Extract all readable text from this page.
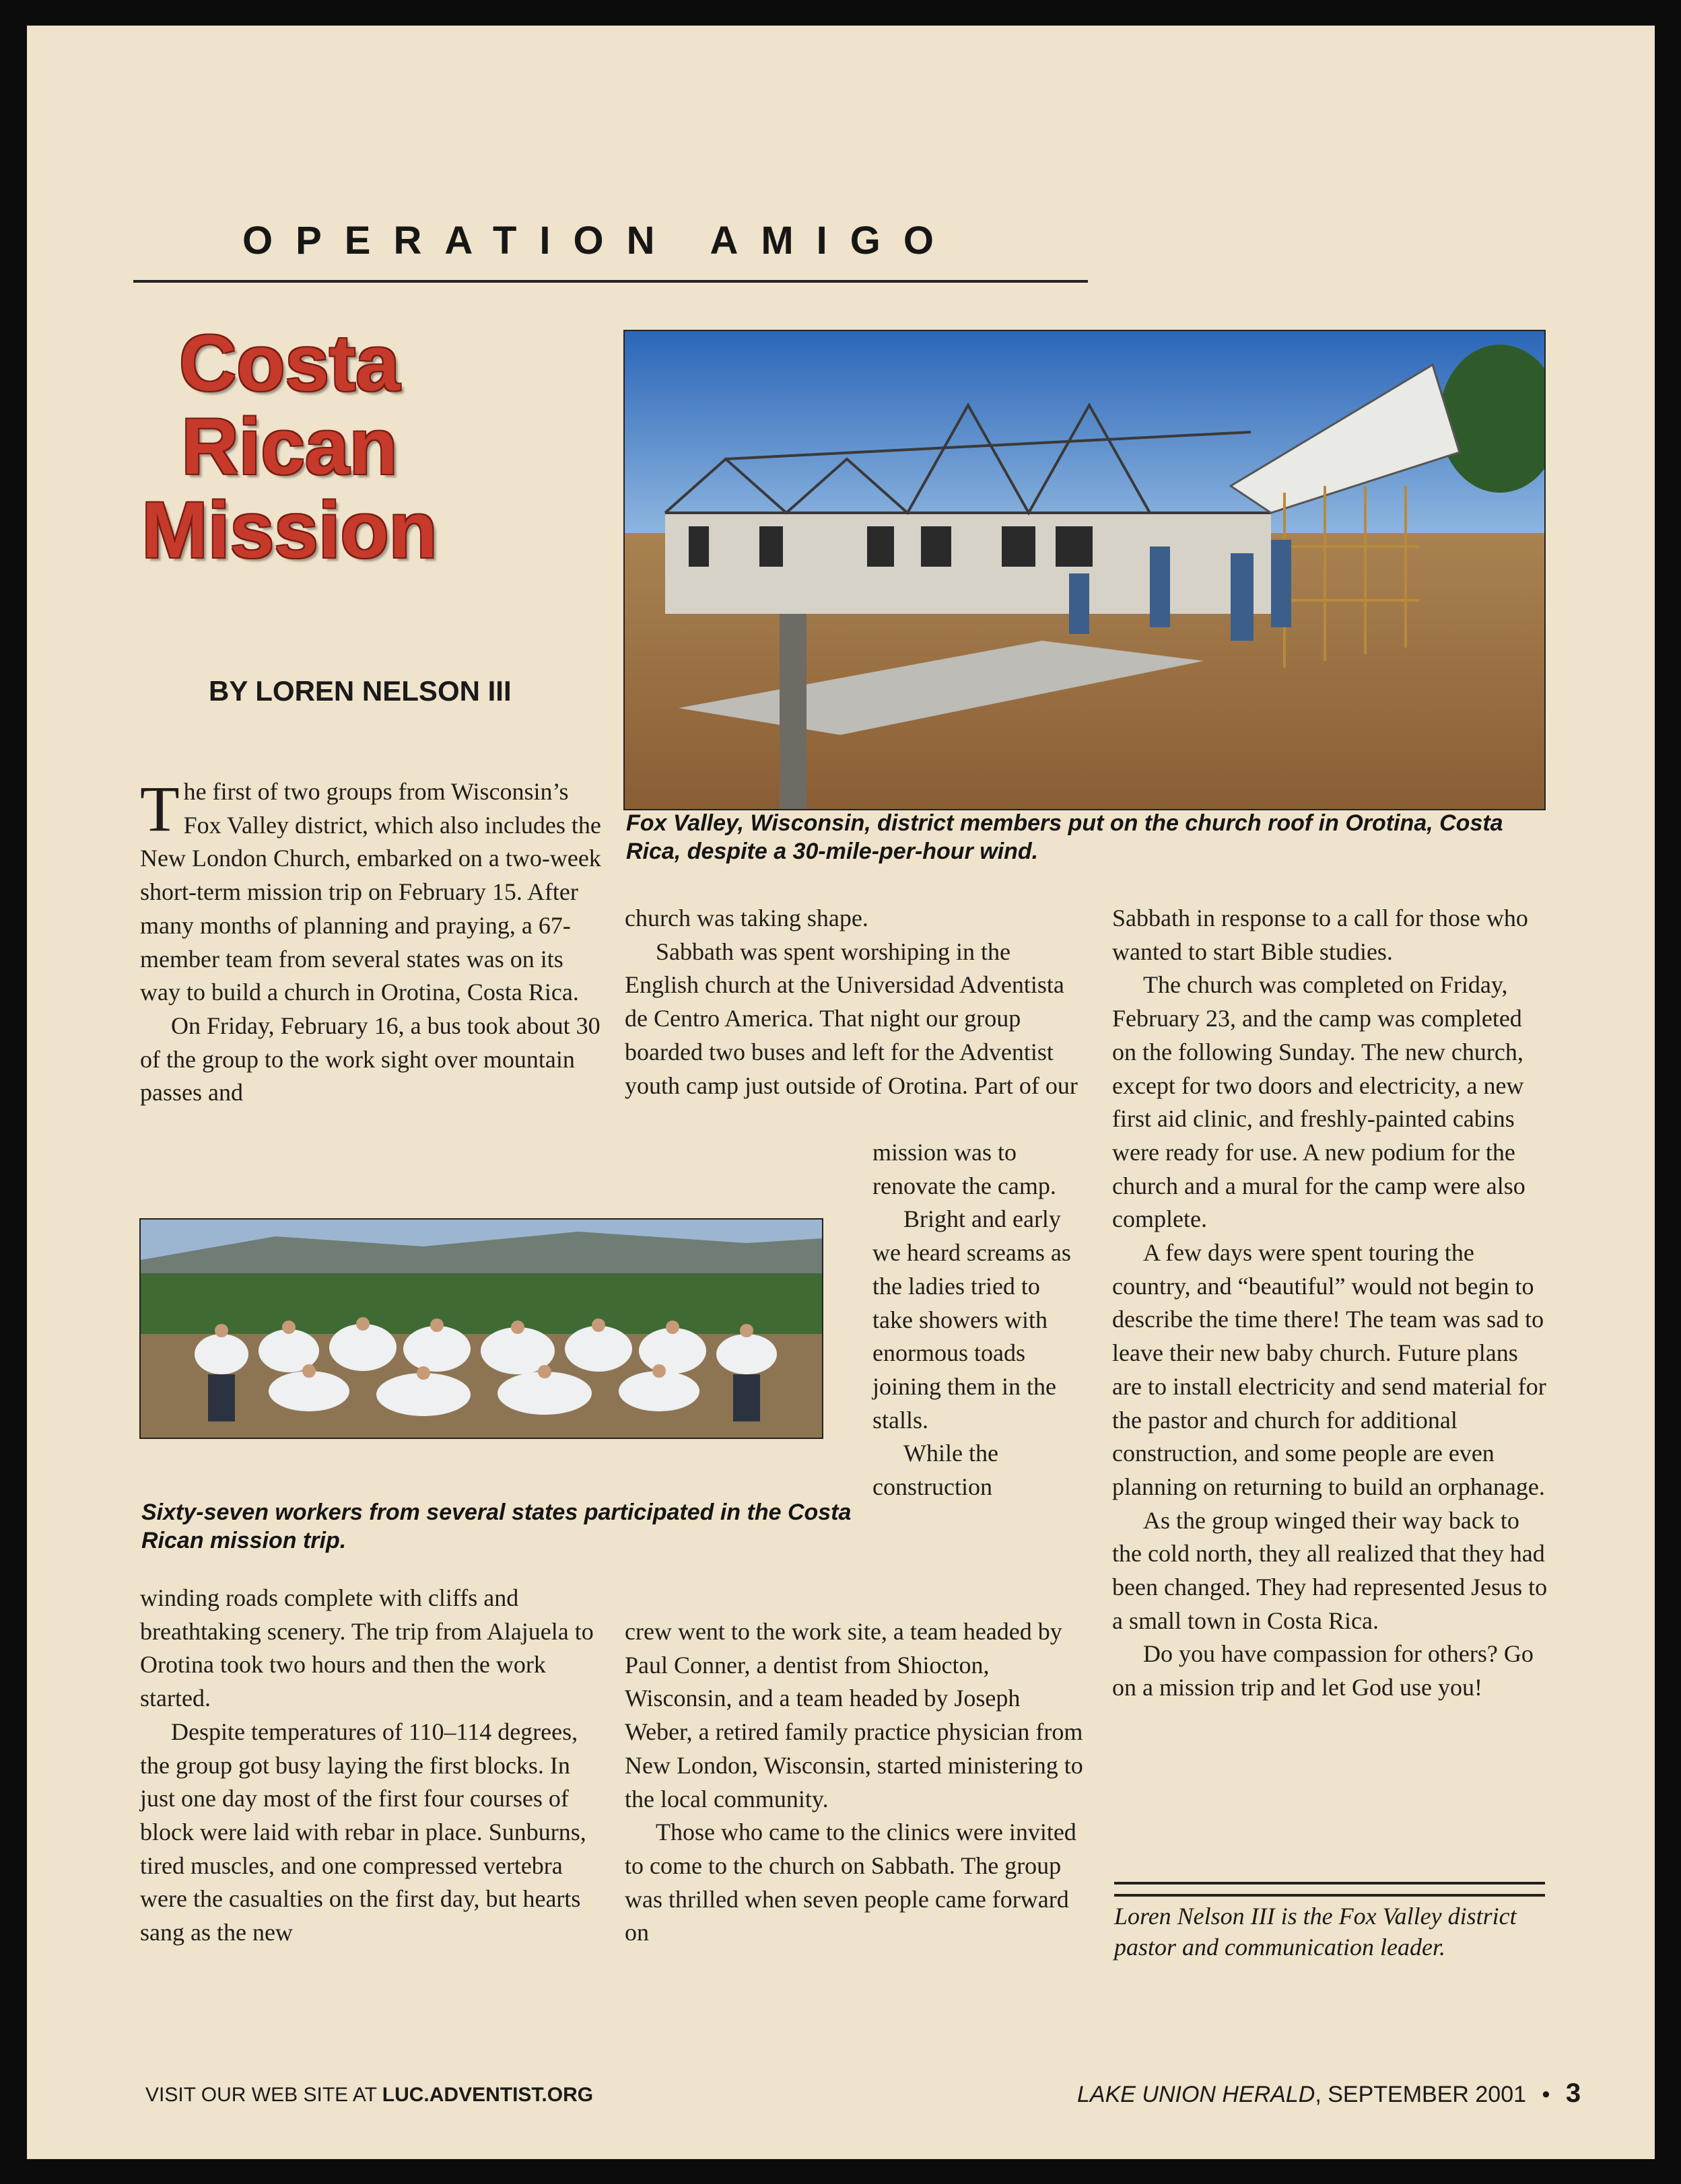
OPERATION AMIGO
Costa
Rican
Mission
BY LOREN NELSON III

The first of two groups from Wisconsin’s Fox Valley district, which also includes the New London Church, embarked on a two-week short-term mission trip on February 15. After many months of planning and praying, a 67-member team from several states was on its way to build a church in Orotina, Costa Rica.

On Friday, February 16, a bus took about 30 of the group to the work sight over mountain passes and

Fox Valley, Wisconsin, district members put on the church roof in Orotina, Costa Rica, despite a 30-mile-per-hour wind.

church was taking shape.

Sabbath was spent worshiping in the English church at the Universidad Adventista de Centro America. That night our group boarded two buses and left for the Adventist youth camp just outside of Orotina. Part of our

mission was to renovate the camp.

Bright and early we heard screams as the ladies tried to take showers with enormous toads joining them in the stalls.

While the construction

Sixty-seven workers from several states participated in the Costa Rican mission trip.

winding roads complete with cliffs and breathtaking scenery. The trip from Alajuela to Orotina took two hours and then the work started.

Despite temperatures of 110–114 degrees, the group got busy laying the first blocks. In just one day most of the first four courses of block were laid with rebar in place. Sunburns, tired muscles, and one compressed vertebra were the casualties on the first day, but hearts sang as the new

crew went to the work site, a team headed by Paul Conner, a dentist from Shiocton, Wisconsin, and a team headed by Joseph Weber, a retired family practice physician from New London, Wisconsin, started ministering to the local community.

Those who came to the clinics were invited to come to the church on Sabbath. The group was thrilled when seven people came forward on

Sabbath in response to a call for those who wanted to start Bible studies.

The church was completed on Friday, February 23, and the camp was completed on the following Sunday. The new church, except for two doors and electricity, a new first aid clinic, and freshly-painted cabins were ready for use. A new podium for the church and a mural for the camp were also complete.

A few days were spent touring the country, and “beautiful” would not begin to describe the time there! The team was sad to leave their new baby church. Future plans are to install electricity and send material for the pastor and church for additional construction, and some people are even planning on returning to build an orphanage.

As the group winged their way back to the cold north, they all realized that they had been changed. They had represented Jesus to a small town in Costa Rica.

Do you have compassion for others? Go on a mission trip and let God use you!

Loren Nelson III is the Fox Valley district pastor and communication leader.
VISIT OUR WEB SITE AT LUC.ADVENTIST.ORG	LAKE UNION HERALD, SEPTEMBER 2001 • 3
